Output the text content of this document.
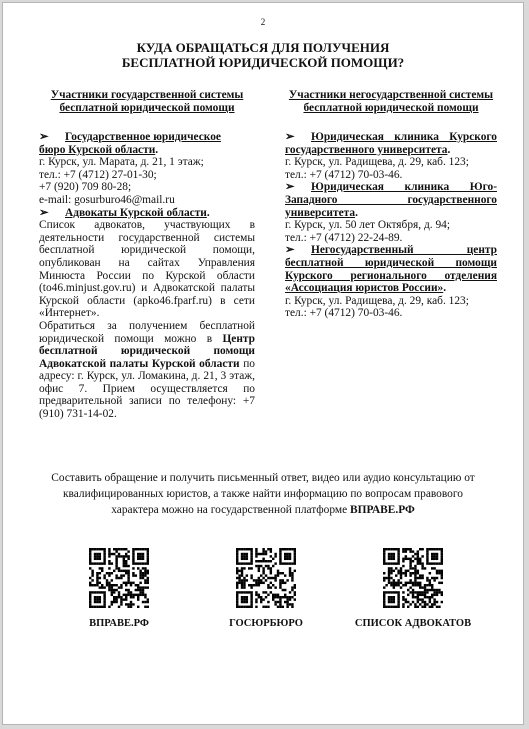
2
КУДА ОБРАЩАТЬСЯ ДЛЯ ПОЛУЧЕНИЯ
БЕСПЛАТНОЙ ЮРИДИЧЕСКОЙ ПОМОЩИ?
Участники государственной системы
бесплатной юридической помощи
➢ Государственное юридическое
бюро Курской области.

г. Курск, ул. Марата, д. 21, 1 этаж;

тел.: +7 (4712) 27-01-30;

+7 (920) 709 80-28;

e-mail: gosurburo46@mail.ru

➢ Адвокаты Курской области.

Список адвокатов, участвующих в деятельности государственной системы бесплатной юридической помощи, опубликован на сайтах Управления Минюста России по Курской области (to46.minjust.gov.ru) и Адвокатской палаты Курской области (apko46.fparf.ru) в сети «Интернет».

Обратиться за получением бесплатной юридической помощи можно в Центр бесплатной юридической помощи Адвокатской палаты Курской области по адресу: г. Курск, ул. Ломакина, д. 21, 3 этаж, офис 7. Прием осуществляется по предварительной записи по телефону: +7 (910) 731-14-02.

Участники негосударственной системы
бесплатной юридической помощи
➢ Юридическая клиника Курского государственного университета.

г. Курск, ул. Радищева, д. 29, каб. 123;

тел.: +7 (4712) 70-03-46.

➢ Юридическая клиника Юго-Западного государственного университета.

г. Курск, ул. 50 лет Октября, д. 94;

тел.: +7 (4712) 22-24-89.

➢ Негосударственный центр бесплатной юридической помощи Курского регионального отделения «Ассоциация юристов России».

г. Курск, ул. Радищева, д. 29, каб. 123;

тел.: +7 (4712) 70-03-46.

Составить обращение и получить письменный ответ, видео или аудио консультацию от квалифицированных юристов, а также найти информацию по вопросам правового характера можно на государственной платформе ВПРАВЕ.РФ
ВПРАВЕ.РФ	ГОСЮРБЮРО	СПИСОК АДВОКАТОВ
